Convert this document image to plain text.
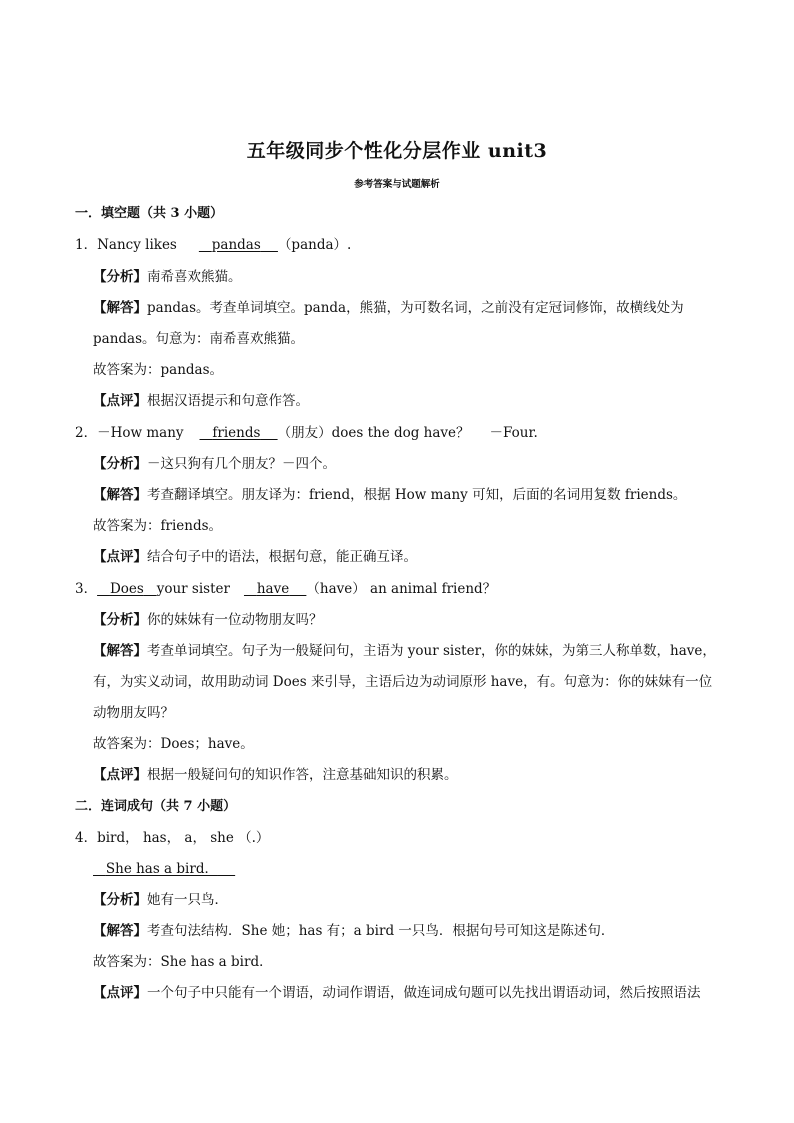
五年级同步个性化分层作业 unit3
参考答案与试题解析
一．填空题（共 3 小题）
1．Nancy likes	pandas （panda）.
【分析】南希喜欢熊猫。
【解答】pandas。考查单词填空。panda，熊猫，为可数名词，之前没有定冠词修饰，故横线处为
pandas。句意为：南希喜欢熊猫。
故答案为：pandas。
【点评】根据汉语提示和句意作答。
2．－How many friends （朋友）does the dog have？ －Four.
【分析】－这只狗有几个朋友？－四个。
【解答】考查翻译填空。朋友译为：friend，根据 How many 可知，后面的名词用复数 friends。
故答案为：friends。
【点评】结合句子中的语法，根据句意，能正确互译。
3． Does your sister have （have） an animal friend？
【分析】你的妹妹有一位动物朋友吗？
【解答】考查单词填空。句子为一般疑问句，主语为 your sister，你的妹妹，为第三人称单数，have，
有，为实义动词，故用助动词 Does 来引导，主语后边为动词原形 have，有。句意为：你的妹妹有一位
动物朋友吗？
故答案为：Does；have。
【点评】根据一般疑问句的知识作答，注意基础知识的积累。
二．连词成句（共 7 小题）
4．bird， has， a， she （.）
She has a bird．
【分析】她有一只鸟．
【解答】考查句法结构．She 她；has 有；a bird 一只鸟．根据句号可知这是陈述句．
故答案为：She has a bird．
【点评】一个句子中只能有一个谓语，动词作谓语，做连词成句题可以先找出谓语动词，然后按照语法
